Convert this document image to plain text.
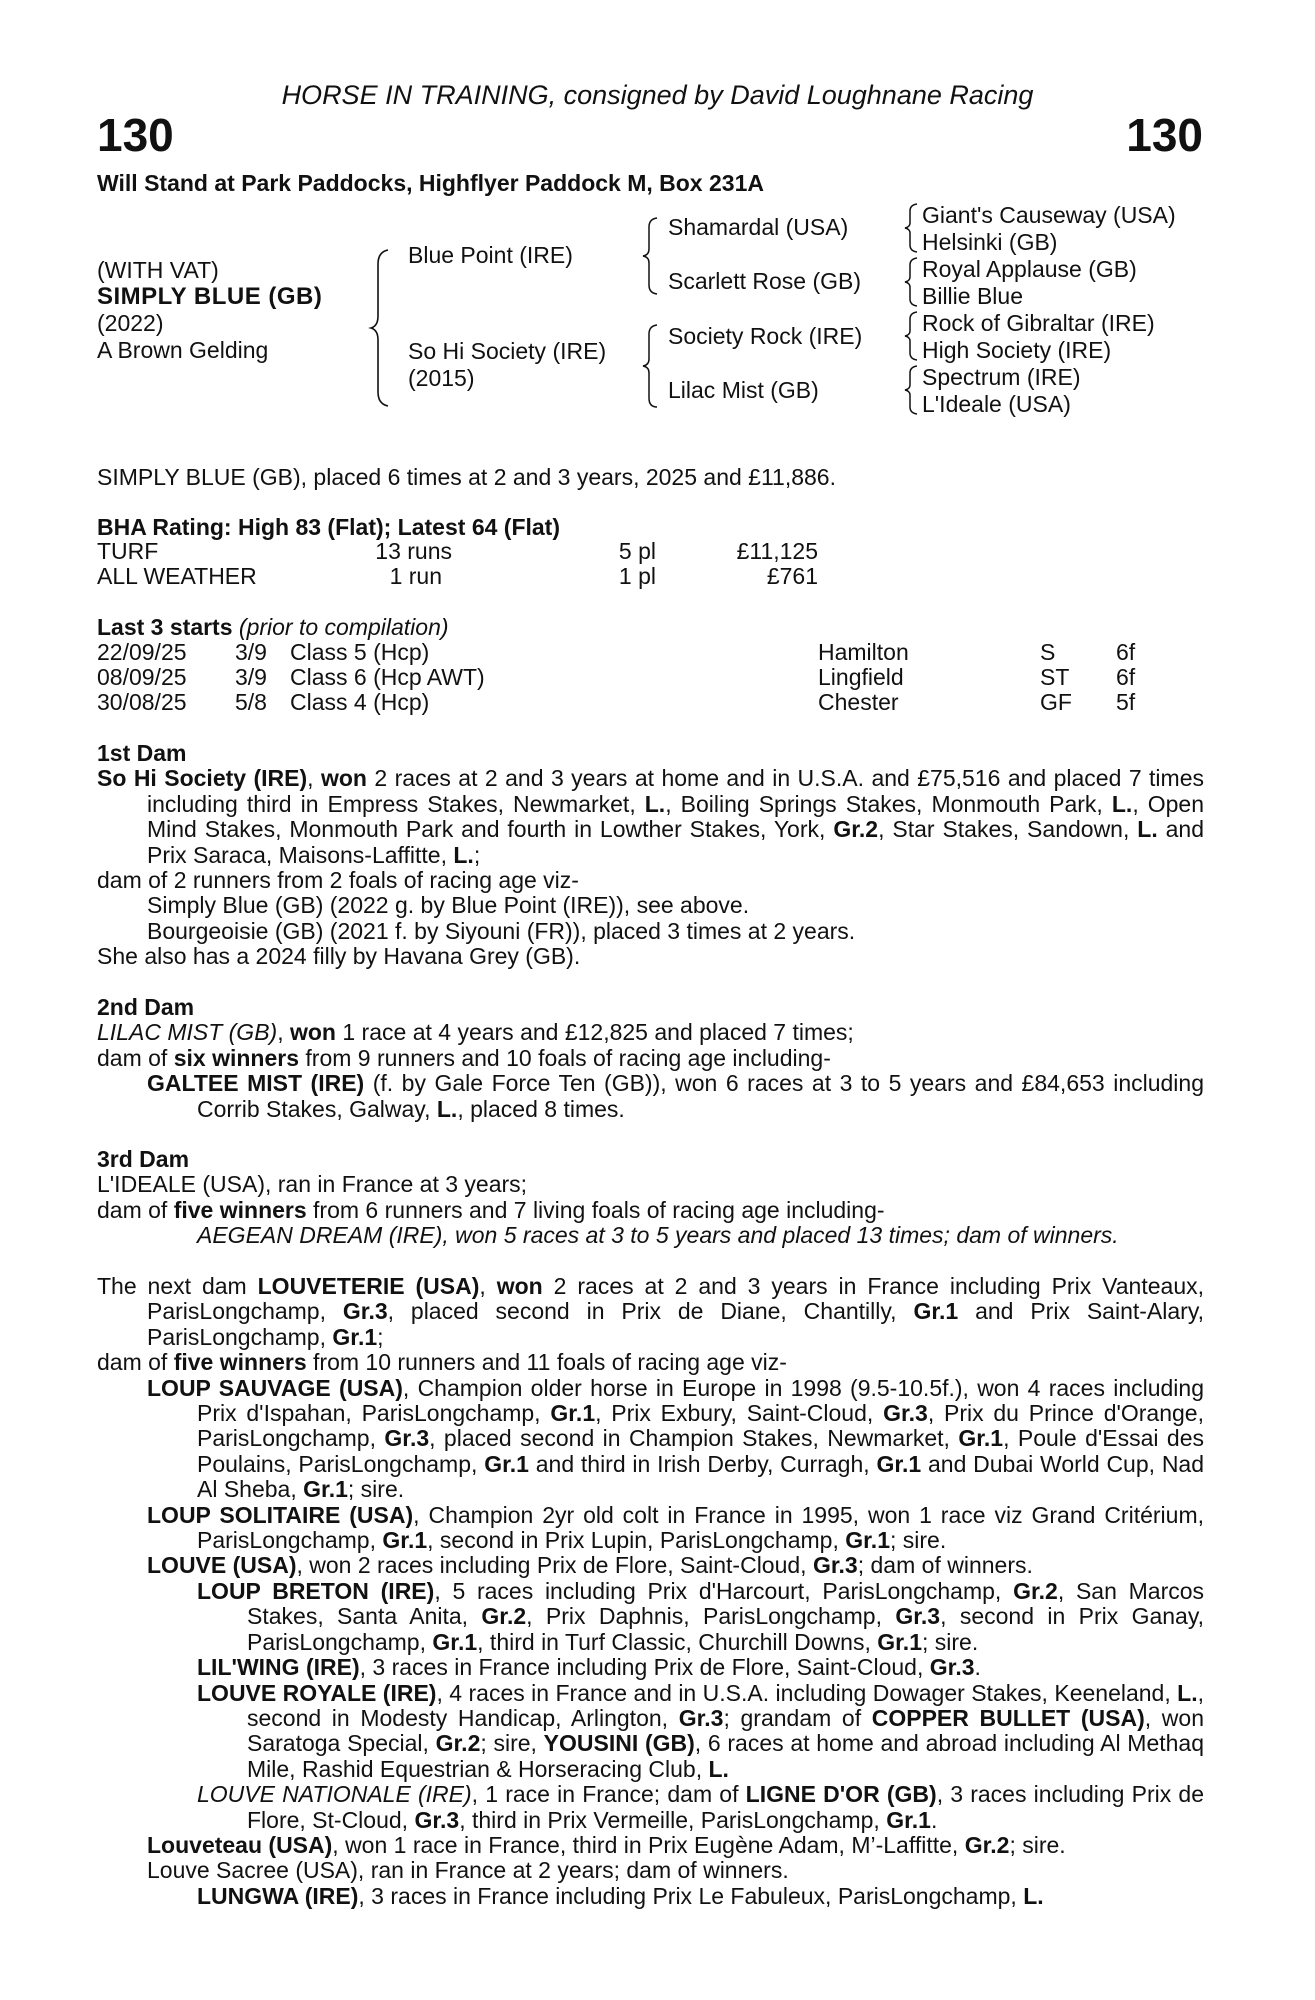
HORSE IN TRAINING, consigned by David Loughnane Racing
130	130
Will Stand at Park Paddocks, Highflyer Paddock M, Box 231A
(WITH VAT)
SIMPLY BLUE (GB)
(2022)
A Brown Gelding
Blue Point (IRE)
So Hi Society (IRE)
(2015)
Shamardal (USA)
Scarlett Rose (GB)
Society Rock (IRE)
Lilac Mist (GB)
Giant's Causeway (USA)
Helsinki (GB)
Royal Applause (GB)
Billie Blue
Rock of Gibraltar (IRE)
High Society (IRE)
Spectrum (IRE)
L'Ideale (USA)
SIMPLY BLUE (GB), placed 6 times at 2 and 3 years, 2025 and £11,886.
BHA Rating: High 83 (Flat); Latest 64 (Flat)
TURF	13 runs	5 pl	£11,125
ALL WEATHER	1 run	1 pl	£761
Last 3 starts (prior to compilation)
22/09/25 3/9 Class 5 (Hcp)	Hamilton	S	6f
08/09/25 3/9 Class 6 (Hcp AWT)	Lingfield	ST 6f
30/08/25 5/8 Class 4 (Hcp)	Chester	GF 5f
1st Dam
So Hi Society (IRE), won 2 races at 2 and 3 years at home and in U.S.A. and £75,516 and placed 7 times including third in Empress Stakes, Newmarket, L., Boiling Springs Stakes, Monmouth Park, L., Open Mind Stakes, Monmouth Park and fourth in Lowther Stakes, York, Gr.2, Star Stakes, Sandown, L. and Prix Saraca, Maisons-Laffitte, L.;
dam of 2 runners from 2 foals of racing age viz-
Simply Blue (GB) (2022 g. by Blue Point (IRE)), see above.
Bourgeoisie (GB) (2021 f. by Siyouni (FR)), placed 3 times at 2 years.
She also has a 2024 filly by Havana Grey (GB).
2nd Dam
LILAC MIST (GB), won 1 race at 4 years and £12,825 and placed 7 times;
dam of six winners from 9 runners and 10 foals of racing age including-
GALTEE MIST (IRE) (f. by Gale Force Ten (GB)), won 6 races at 3 to 5 years and £84,653 including Corrib Stakes, Galway, L., placed 8 times.
3rd Dam
L'IDEALE (USA), ran in France at 3 years;
dam of five winners from 6 runners and 7 living foals of racing age including-
AEGEAN DREAM (IRE), won 5 races at 3 to 5 years and placed 13 times; dam of winners.
The next dam LOUVETERIE (USA), won 2 races at 2 and 3 years in France including Prix Vanteaux, ParisLongchamp, Gr.3, placed second in Prix de Diane, Chantilly, Gr.1 and Prix Saint-Alary, ParisLongchamp, Gr.1;
dam of five winners from 10 runners and 11 foals of racing age viz-
LOUP SAUVAGE (USA), Champion older horse in Europe in 1998 (9.5-10.5f.), won 4 races including Prix d'Ispahan, ParisLongchamp, Gr.1, Prix Exbury, Saint-Cloud, Gr.3, Prix du Prince d'Orange, ParisLongchamp, Gr.3, placed second in Champion Stakes, Newmarket, Gr.1, Poule d'Essai des Poulains, ParisLongchamp, Gr.1 and third in Irish Derby, Curragh, Gr.1 and Dubai World Cup, Nad Al Sheba, Gr.1; sire.
LOUP SOLITAIRE (USA), Champion 2yr old colt in France in 1995, won 1 race viz Grand Critérium, ParisLongchamp, Gr.1, second in Prix Lupin, ParisLongchamp, Gr.1; sire.
LOUVE (USA), won 2 races including Prix de Flore, Saint-Cloud, Gr.3; dam of winners.
LOUP BRETON (IRE), 5 races including Prix d'Harcourt, ParisLongchamp, Gr.2, San Marcos Stakes, Santa Anita, Gr.2, Prix Daphnis, ParisLongchamp, Gr.3, second in Prix Ganay, ParisLongchamp, Gr.1, third in Turf Classic, Churchill Downs, Gr.1; sire.
LIL'WING (IRE), 3 races in France including Prix de Flore, Saint-Cloud, Gr.3.
LOUVE ROYALE (IRE), 4 races in France and in U.S.A. including Dowager Stakes, Keeneland, L., second in Modesty Handicap, Arlington, Gr.3; grandam of COPPER BULLET (USA), won Saratoga Special, Gr.2; sire, YOUSINI (GB), 6 races at home and abroad including Al Methaq Mile, Rashid Equestrian & Horseracing Club, L.
LOUVE NATIONALE (IRE), 1 race in France; dam of LIGNE D'OR (GB), 3 races including Prix de Flore, St-Cloud, Gr.3, third in Prix Vermeille, ParisLongchamp, Gr.1.
Louveteau (USA), won 1 race in France, third in Prix Eugène Adam, M’-Laffitte, Gr.2; sire.
Louve Sacree (USA), ran in France at 2 years; dam of winners.
LUNGWA (IRE), 3 races in France including Prix Le Fabuleux, ParisLongchamp, L.
